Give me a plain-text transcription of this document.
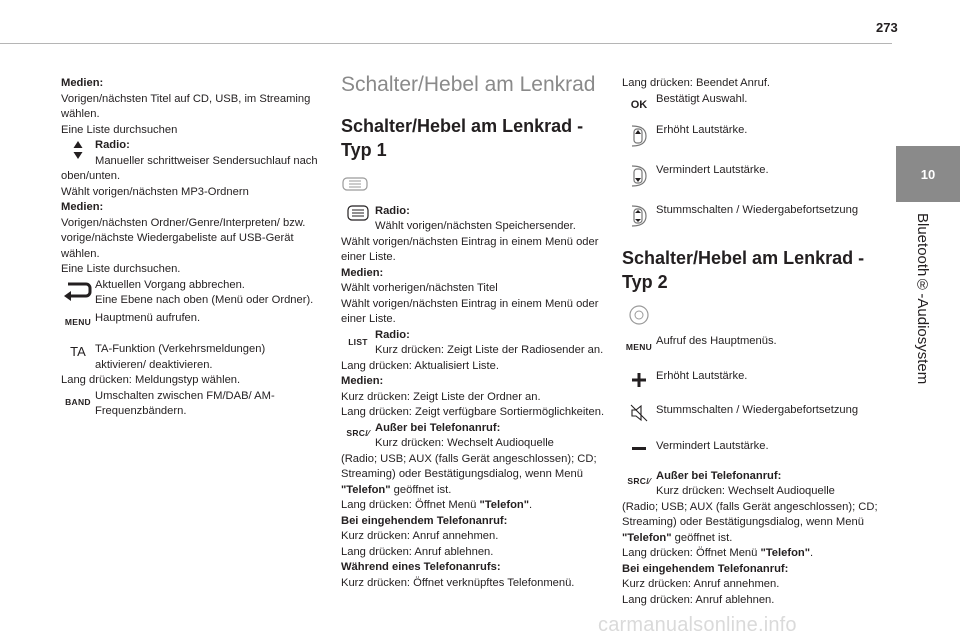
273
10
Bluetooth®-Audiosystem

Medien:

Vorigen/nächsten Titel auf CD, USB, im Streaming wählen.

Eine Liste durchsuchen

Radio:

Manueller schrittweiser Sendersuchlauf nach oben/unten.

Wählt vorigen/nächsten MP3-Ordnern

Medien:

Vorigen/nächsten Ordner/Genre/Interpreten/ bzw. vorige/nächste Wiedergabeliste auf USB-Gerät wählen.

Eine Liste durchsuchen.

Aktuellen Vorgang abbrechen.

Eine Ebene nach oben (Menü oder Ordner).

MENU Hauptmenü aufrufen.

TA TA-Funktion (Verkehrsmeldungen) aktivieren/ deaktivieren.

Lang drücken: Meldungstyp wählen.

BAND Umschalten zwischen FM/DAB/ AM-Frequenzbändern.

Schalter/Hebel am Lenkrad
Schalter/Hebel am Lenkrad - Typ 1

Radio:

Wählt vorigen/nächsten Speichersender.

Wählt vorigen/nächsten Eintrag in einem Menü oder einer Liste.

Medien:

Wählt vorherigen/nächsten Titel

Wählt vorigen/nächsten Eintrag in einem Menü oder einer Liste.

LIST

Radio:

Kurz drücken: Zeigt Liste der Radiosender an.

Lang drücken: Aktualisiert Liste.

Medien:

Kurz drücken: Zeigt Liste der Ordner an.

Lang drücken: Zeigt verfügbare Sortiermöglichkeiten.

SRC /⁄ Außer bei Telefonanruf:

Kurz drücken: Wechselt Audioquelle

(Radio; USB; AUX (falls Gerät angeschlossen); CD; Streaming) oder Bestätigungsdialog, wenn Menü "Telefon" geöffnet ist.

Lang drücken: Öffnet Menü "Telefon".

Bei eingehendem Telefonanruf:

Kurz drücken: Anruf annehmen.

Lang drücken: Anruf ablehnen.

Während eines Telefonanrufs:

Kurz drücken: Öffnet verknüpftes Telefonmenü.

Lang drücken: Beendet Anruf.

OK Bestätigt Auswahl.

Erhöht Lautstärke.

Vermindert Lautstärke.

Stummschalten / Wiedergabefortsetzung

Schalter/Hebel am Lenkrad - Typ 2
MENU Aufruf des Hauptmenüs.

Erhöht Lautstärke.

Stummschalten / Wiedergabefortsetzung

Vermindert Lautstärke.

SRC /⁄ Außer bei Telefonanruf:

Kurz drücken: Wechselt Audioquelle

(Radio; USB; AUX (falls Gerät angeschlossen); CD; Streaming) oder Bestätigungsdialog, wenn Menü "Telefon" geöffnet ist.

Lang drücken: Öffnet Menü "Telefon".

Bei eingehendem Telefonanruf:

Kurz drücken: Anruf annehmen.

Lang drücken: Anruf ablehnen.

carmanualsonline.info
